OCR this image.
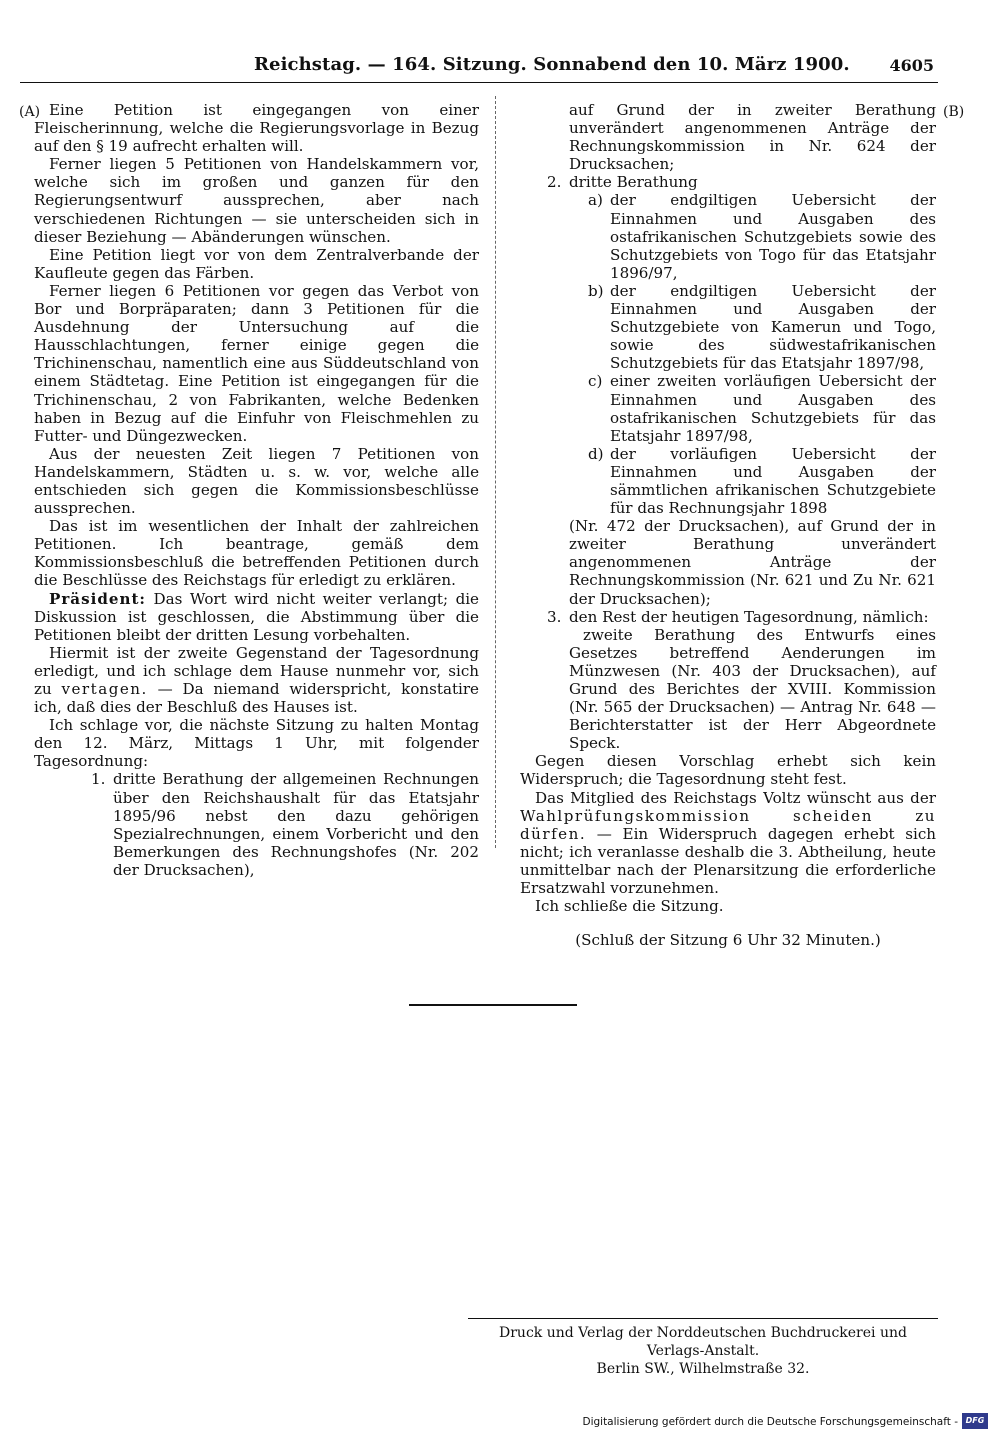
Reichstag. — 164. Sitzung. Sonnabend den 10. März 1900. 4605
(A)	(B)

Eine Petition ist eingegangen von einer Fleischerinnung, welche die Regierungsvorlage in Bezug auf den § 19 aufrecht erhalten will.

Ferner liegen 5 Petitionen von Handelskammern vor, welche sich im großen und ganzen für den Regierungsentwurf aussprechen, aber nach verschiedenen Richtungen — sie unterscheiden sich in dieser Beziehung — Abänderungen wünschen.

Eine Petition liegt vor von dem Zentralverbande der Kaufleute gegen das Färben.

Ferner liegen 6 Petitionen vor gegen das Verbot von Bor und Borpräparaten; dann 3 Petitionen für die Ausdehnung der Untersuchung auf die Hausschlachtungen, ferner einige gegen die Trichinenschau, namentlich eine aus Süddeutschland von einem Städtetag. Eine Petition ist eingegangen für die Trichinenschau, 2 von Fabrikanten, welche Bedenken haben in Bezug auf die Einfuhr von Fleischmehlen zu Futter- und Düngezwecken.

Aus der neuesten Zeit liegen 7 Petitionen von Handelskammern, Städten u. s. w. vor, welche alle entschieden sich gegen die Kommissionsbeschlüsse aussprechen.

Das ist im wesentlichen der Inhalt der zahlreichen Petitionen. Ich beantrage, gemäß dem Kommissionsbeschluß die betreffenden Petitionen durch die Beschlüsse des Reichstags für erledigt zu erklären.

Präsident: Das Wort wird nicht weiter verlangt; die Diskussion ist geschlossen, die Abstimmung über die Petitionen bleibt der dritten Lesung vorbehalten.

Hiermit ist der zweite Gegenstand der Tagesordnung erledigt, und ich schlage dem Hause nunmehr vor, sich zu vertagen. — Da niemand widerspricht, konstatire ich, daß dies der Beschluß des Hauses ist.

Ich schlage vor, die nächste Sitzung zu halten Montag den 12. März, Mittags 1 Uhr, mit folgender Tagesordnung:

1. dritte Berathung der allgemeinen Rechnungen über den Reichshaushalt für das Etatsjahr 1895/96 nebst den dazu gehörigen Spezialrechnungen, einem Vorbericht und den Bemerkungen des Rechnungshofes (Nr. 202 der Drucksachen),

auf Grund der in zweiter Berathung unverändert angenommenen Anträge der Rechnungskommission in Nr. 624 der Drucksachen;

2. dritte Berathung
a) der endgiltigen Uebersicht der Einnahmen und Ausgaben des ostafrikanischen Schutzgebiets sowie des Schutzgebiets von Togo für das Etatsjahr 1896/97,
b) der endgiltigen Uebersicht der Einnahmen und Ausgaben der Schutzgebiete von Kamerun und Togo, sowie des südwestafrikanischen Schutzgebiets für das Etatsjahr 1897/98,
c) einer zweiten vorläufigen Uebersicht der Einnahmen und Ausgaben des ostafrikanischen Schutzgebiets für das Etatsjahr 1897/98,
d) der vorläufigen Uebersicht der Einnahmen und Ausgaben der sämmtlichen afrikanischen Schutzgebiete für das Rechnungsjahr 1898

(Nr. 472 der Drucksachen), auf Grund der in zweiter Berathung unverändert angenommenen Anträge der Rechnungskommission (Nr. 621 und Zu Nr. 621 der Drucksachen);

3. den Rest der heutigen Tagesordnung, nämlich:

zweite Berathung des Entwurfs eines Gesetzes betreffend Aenderungen im Münzwesen (Nr. 403 der Drucksachen), auf Grund des Berichtes der XVIII. Kommission (Nr. 565 der Drucksachen) — Antrag Nr. 648 — Berichterstatter ist der Herr Abgeordnete Speck.

Gegen diesen Vorschlag erhebt sich kein Widerspruch; die Tagesordnung steht fest.

Das Mitglied des Reichstags Voltz wünscht aus der Wahlprüfungskommission scheiden zu dürfen. — Ein Widerspruch dagegen erhebt sich nicht; ich veranlasse deshalb die 3. Abtheilung, heute unmittelbar nach der Plenarsitzung die erforderliche Ersatzwahl vorzunehmen.

Ich schließe die Sitzung.

(Schluß der Sitzung 6 Uhr 32 Minuten.)

Druck und Verlag der Norddeutschen Buchdruckerei und Verlags-Anstalt.
Berlin SW., Wilhelmstraße 32.
Digitalisierung gefördert durch die Deutsche Forschungsgemeinschaft - DFG
